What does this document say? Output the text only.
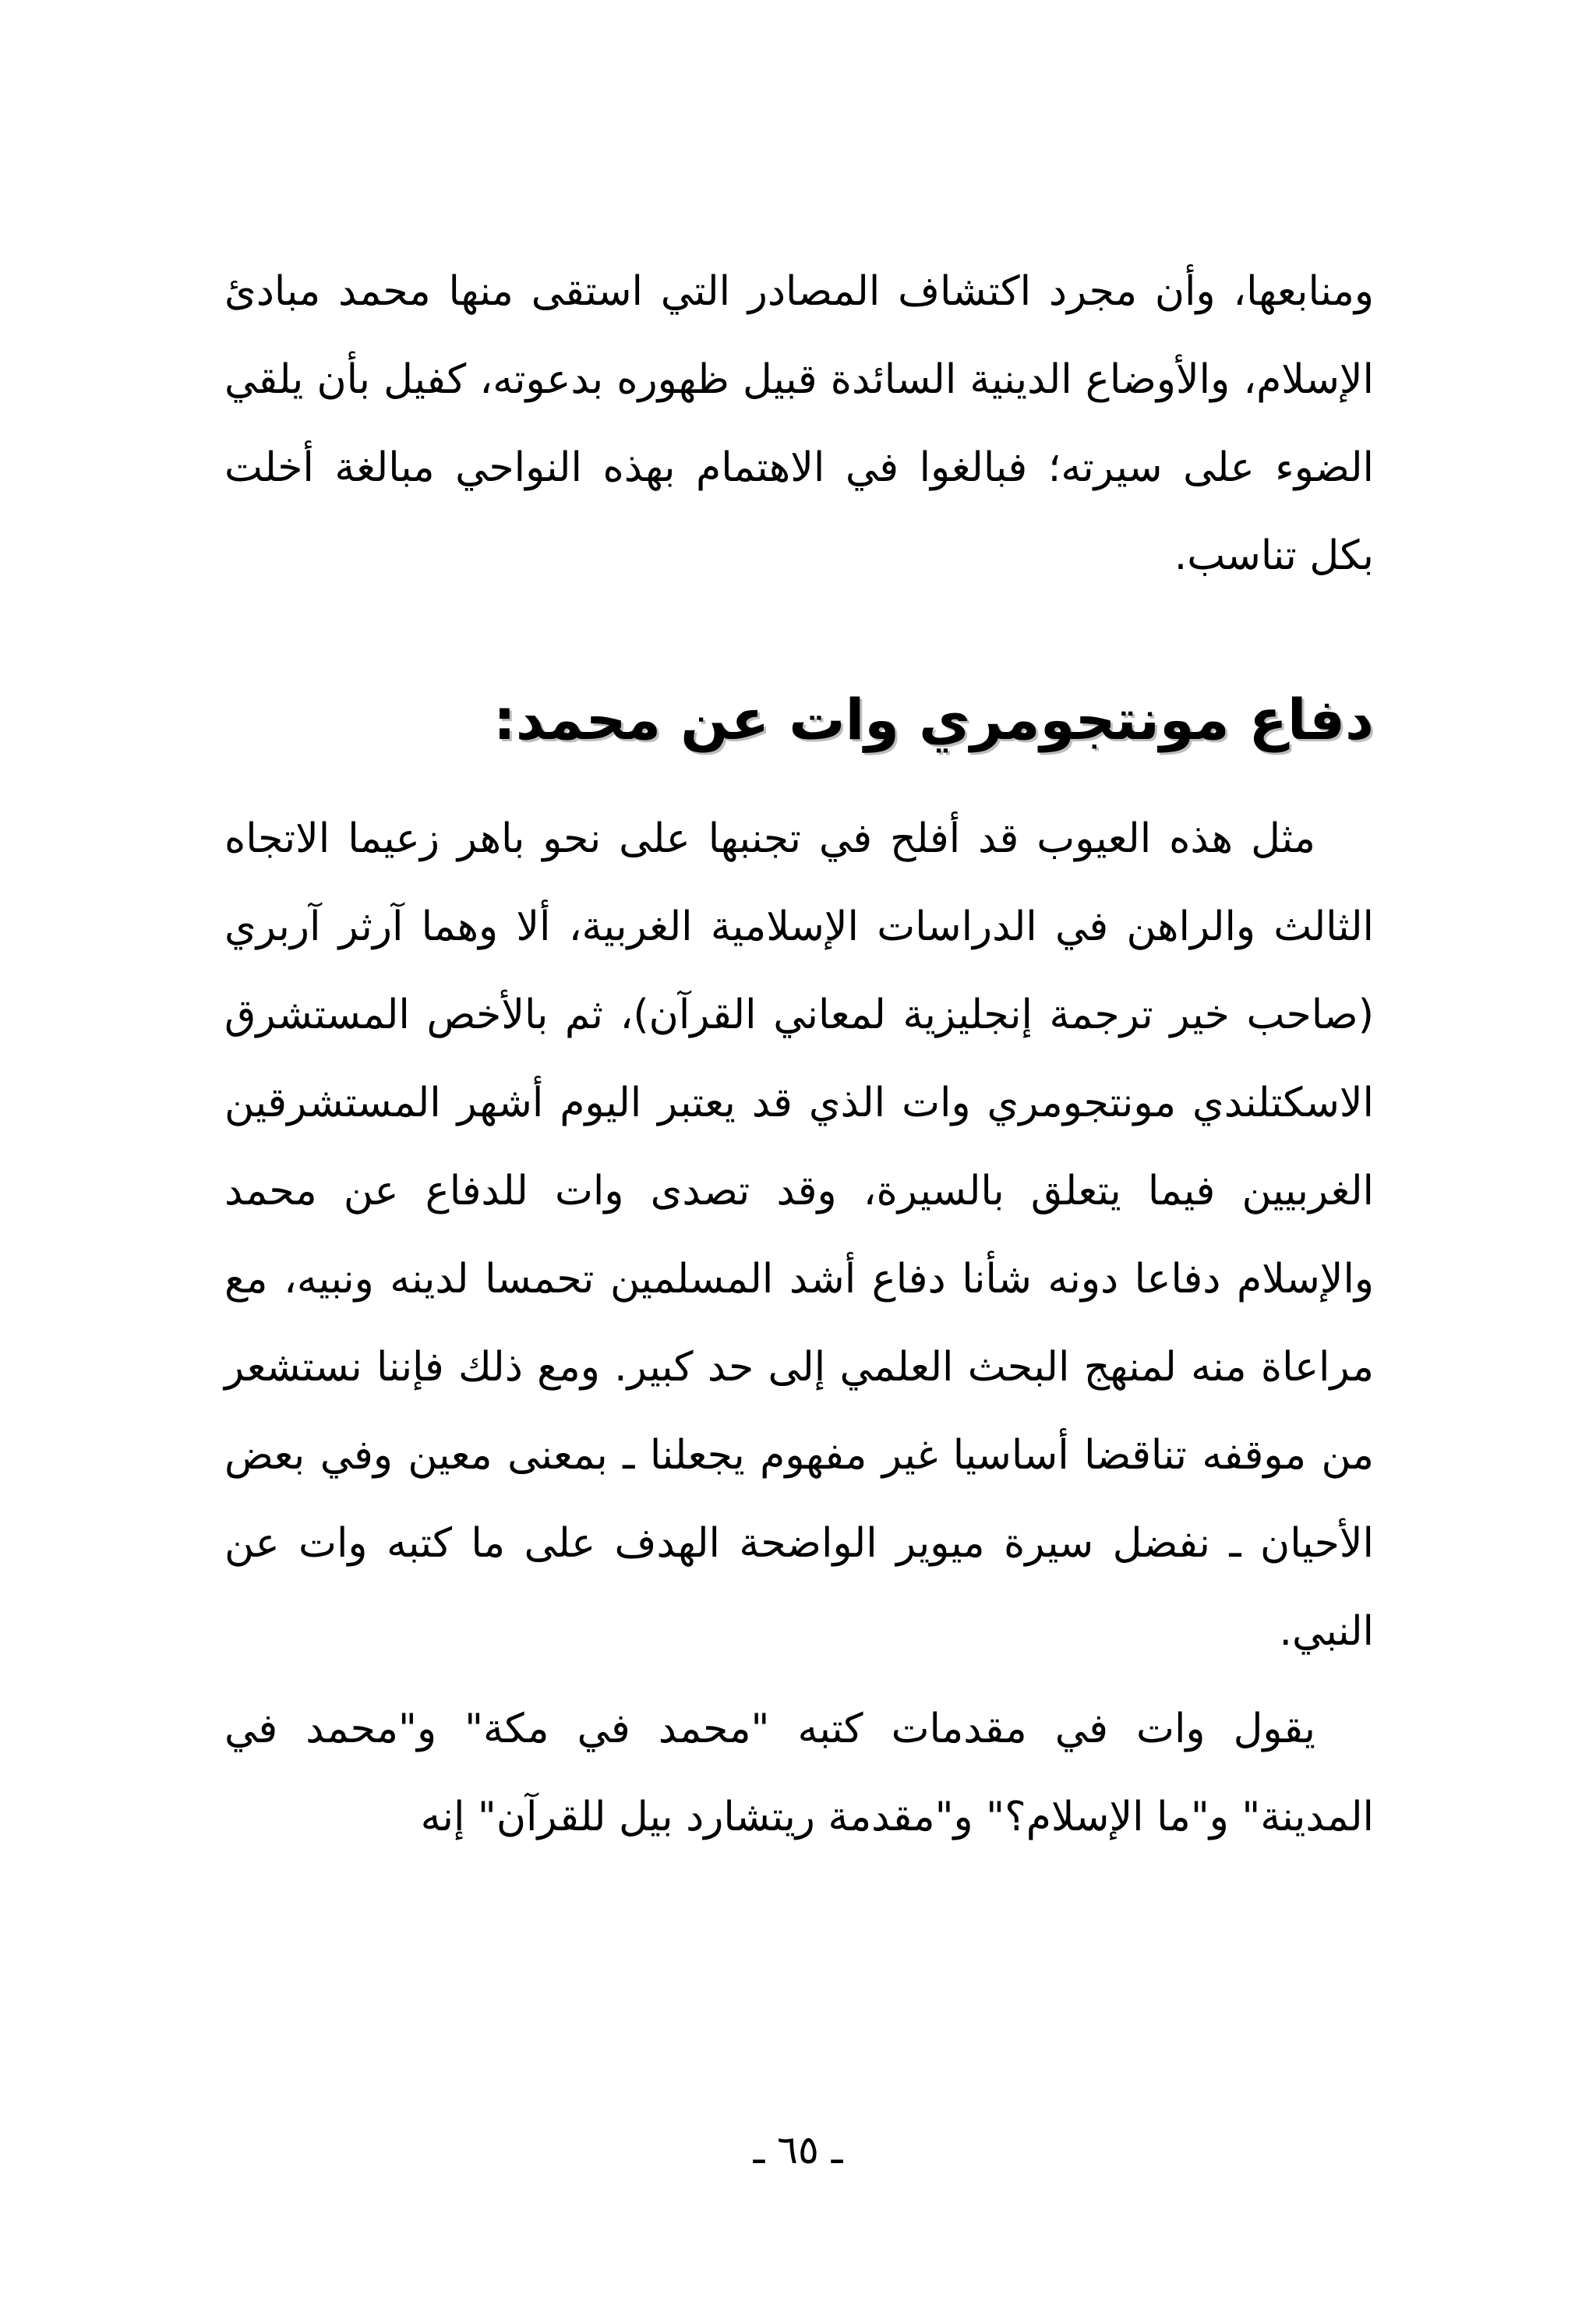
ومنابعها، وأن مجرد اكتشاف المصادر التي استقى منها محمد مبادئ الإسلام، والأوضاع الدينية السائدة قبيل ظهوره بدعوته، كفيل بأن يلقي الضوء على سيرته؛ فبالغوا في الاهتمام بهذه النواحي مبالغة أخلت بكل تناسب.

دفاع مونتجومري وات عن محمد:

مثل هذه العيوب قد أفلح في تجنبها على نحو باهر زعيما الاتجاه الثالث والراهن في الدراسات الإسلامية الغربية، ألا وهما آرثر آربري (صاحب خير ترجمة إنجليزية لمعاني القرآن)، ثم بالأخص المستشرق الاسكتلندي مونتجومري وات الذي قد يعتبر اليوم أشهر المستشرقين الغربيين فيما يتعلق بالسيرة، وقد تصدى وات للدفاع عن محمد والإسلام دفاعا دونه شأنا دفاع أشد المسلمين تحمسا لدينه ونبيه، مع مراعاة منه لمنهج البحث العلمي إلى حد كبير. ومع ذلك فإننا نستشعر من موقفه تناقضا أساسيا غير مفهوم يجعلنا ـ بمعنى معين وفي بعض الأحيان ـ نفضل سيرة ميوير الواضحة الهدف على ما كتبه وات عن النبي.

يقول وات في مقدمات كتبه "محمد في مكة" و"محمد في المدينة" و"ما الإسلام؟" و"مقدمة ريتشارد بيل للقرآن" إنه

ـ ٦٥ ـ
